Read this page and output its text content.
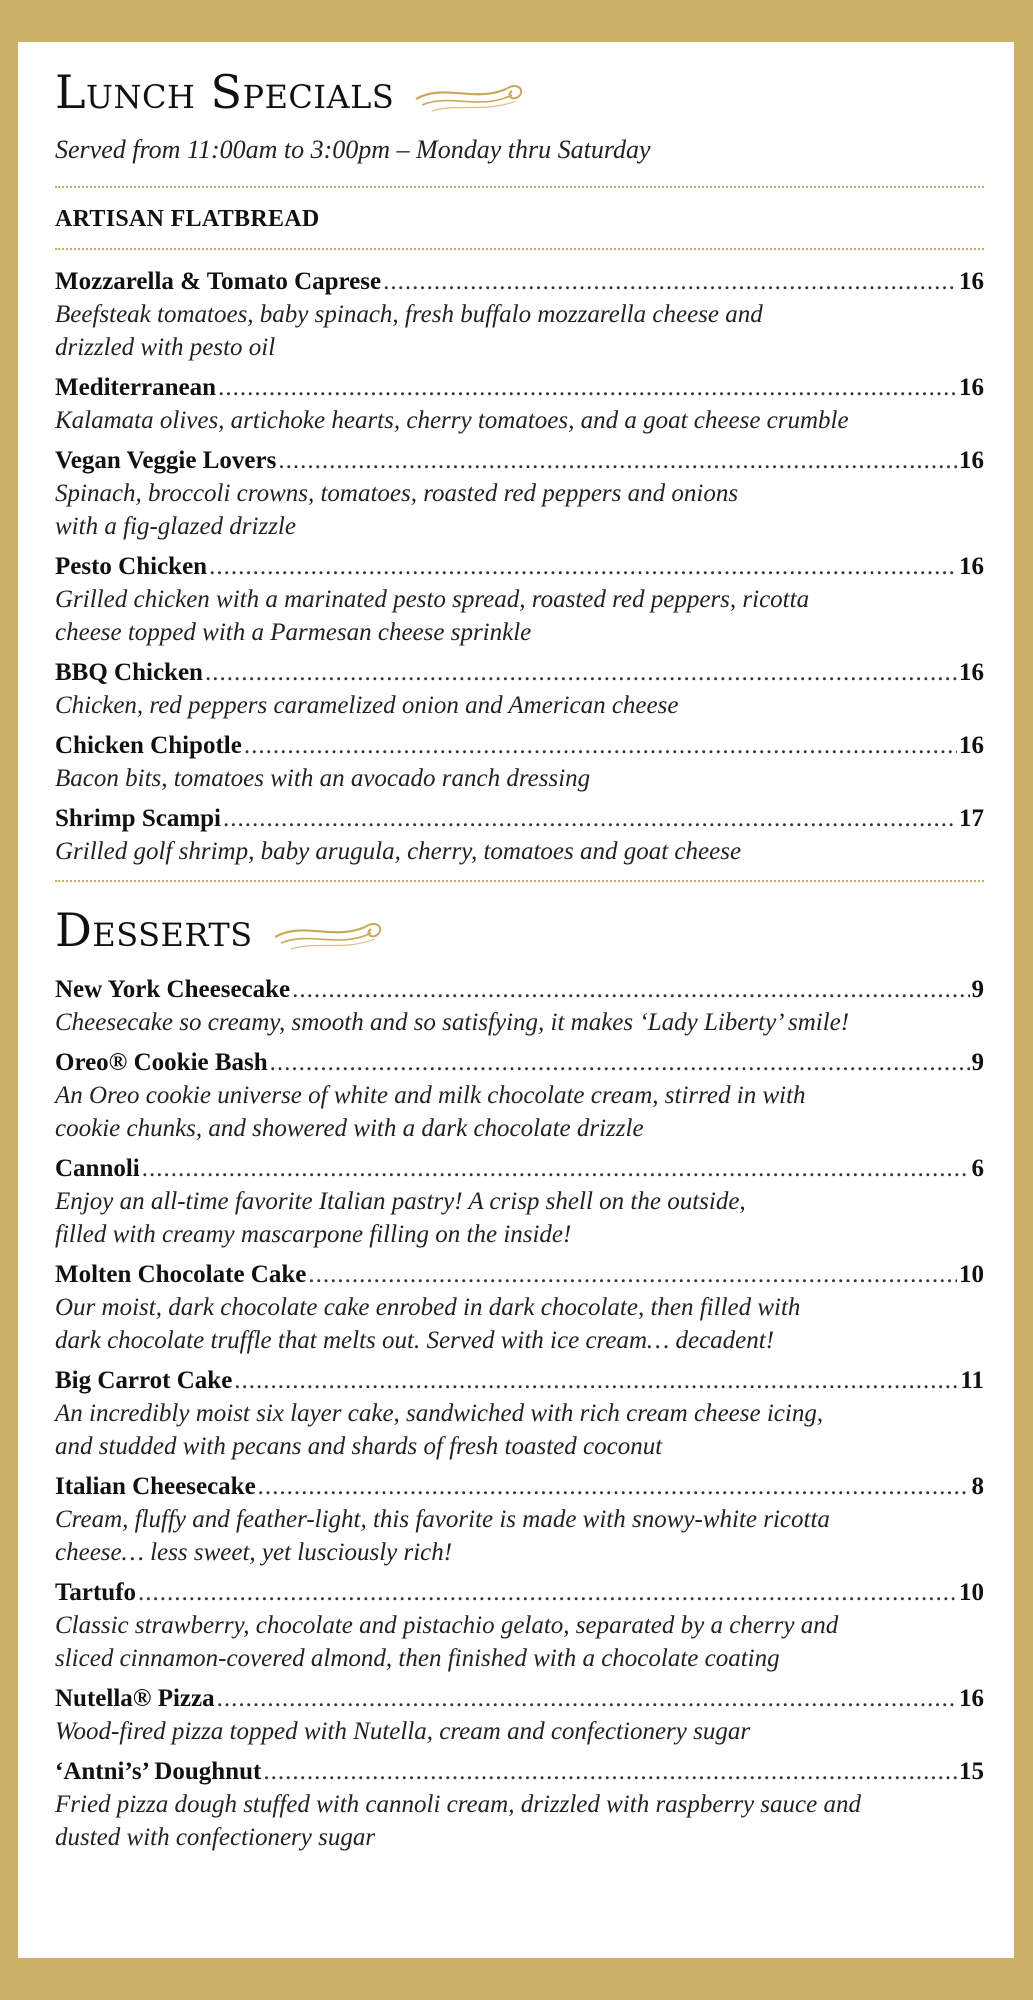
Lunch Specials
Served from 11:00am to 3:00pm – Monday thru Saturday
ARTISAN FLATBREAD
Mozzarella & Tomato Caprese .....	16
Beefsteak tomatoes, baby spinach, fresh buffalo mozzarella cheese and
drizzled with pesto oil
Mediterranean .....	16
Kalamata olives, artichoke hearts, cherry tomatoes, and a goat cheese crumble
Vegan Veggie Lovers .....	16
Spinach, broccoli crowns, tomatoes, roasted red peppers and onions
with a fig-glazed drizzle
Pesto Chicken .....	16
Grilled chicken with a marinated pesto spread, roasted red peppers, ricotta
cheese topped with a Parmesan cheese sprinkle
BBQ Chicken .....	16
Chicken, red peppers caramelized onion and American cheese
Chicken Chipotle .....	16
Bacon bits, tomatoes with an avocado ranch dressing
Shrimp Scampi .....	17
Grilled golf shrimp, baby arugula, cherry, tomatoes and goat cheese
Desserts
New York Cheesecake .....	9
Cheesecake so creamy, smooth and so satisfying, it makes ‘Lady Liberty’ smile!
Oreo® Cookie Bash .....	9
An Oreo cookie universe of white and milk chocolate cream, stirred in with
cookie chunks, and showered with a dark chocolate drizzle
Cannoli .....	6
Enjoy an all-time favorite Italian pastry! A crisp shell on the outside,
filled with creamy mascarpone filling on the inside!
Molten Chocolate Cake .....	10
Our moist, dark chocolate cake enrobed in dark chocolate, then filled with
dark chocolate truffle that melts out. Served with ice cream… decadent!
Big Carrot Cake .....	11
An incredibly moist six layer cake, sandwiched with rich cream cheese icing,
and studded with pecans and shards of fresh toasted coconut
Italian Cheesecake .....	8
Cream, fluffy and feather-light, this favorite is made with snowy-white ricotta
cheese… less sweet, yet lusciously rich!
Tartufo .....	10
Classic strawberry, chocolate and pistachio gelato, separated by a cherry and
sliced cinnamon-covered almond, then finished with a chocolate coating
Nutella® Pizza .....	16
Wood-fired pizza topped with Nutella, cream and confectionery sugar
‘Antni’s’ Doughnut .....	15
Fried pizza dough stuffed with cannoli cream, drizzled with raspberry sauce and
dusted with confectionery sugar
